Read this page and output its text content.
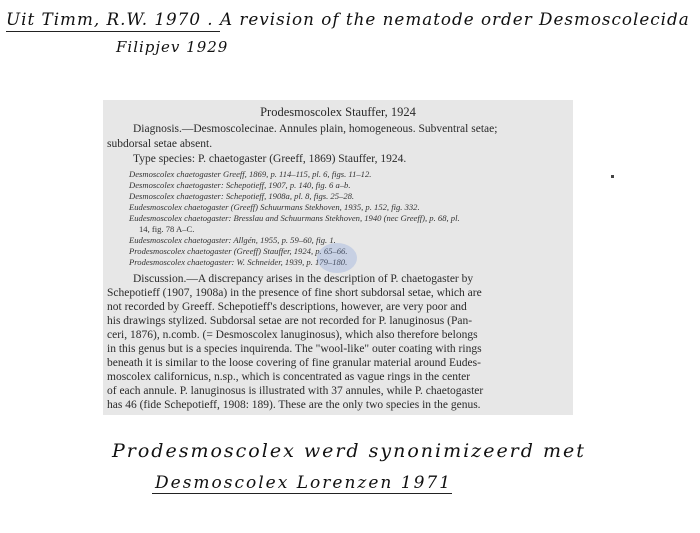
Uit Timm, R.W. 1970 . A revision of the nematode order Desmoscolecida
Filipjev 1929
Prodesmoscolex Stauffer, 1924
Diagnosis.—Desmoscolecinae. Annules plain, homogeneous. Subventral setae;
subdorsal setae absent.
Type species: P. chaetogaster (Greeff, 1869) Stauffer, 1924.
Desmoscolex chaetogaster Greeff, 1869, p. 114–115, pl. 6, figs. 11–12.
Desmoscolex chaetogaster: Schepotieff, 1907, p. 140, fig. 6 a–b.
Desmoscolex chaetogaster: Schepotieff, 1908a, pl. 8, figs. 25–28.
Eudesmoscolex chaetogaster (Greeff) Schuurmans Stekhoven, 1935, p. 152, fig. 332.
Eudesmoscolex chaetogaster: Bresslau and Schuurmans Stekhoven, 1940 (nec Greeff), p. 68, pl.
14, fig. 78 A–C.
Eudesmoscolex chaetogaster: Allgén, 1955, p. 59–60, fig. 1.
Prodesmoscolex chaetogaster (Greeff) Stauffer, 1924, p. 65–66.
Prodesmoscolex chaetogaster: W. Schneider, 1939, p. 179–180.
Discussion.—A discrepancy arises in the description of P. chaetogaster by
Schepotieff (1907, 1908a) in the presence of fine short subdorsal setae, which are
not recorded by Greeff. Schepotieff's descriptions, however, are very poor and
his drawings stylized. Subdorsal setae are not recorded for P. lanuginosus (Pan-
ceri, 1876), n.comb. (= Desmoscolex lanuginosus), which also therefore belongs
in this genus but is a species inquirenda. The "wool-like" outer coating with rings
beneath it is similar to the loose covering of fine granular material around Eudes-
moscolex californicus, n.sp., which is concentrated as vague rings in the center
of each annule. P. lanuginosus is illustrated with 37 annules, while P. chaetogaster
has 46 (fide Schepotieff, 1908: 189). These are the only two species in the genus.
Prodesmoscolex werd synonimizeerd met
Desmoscolex Lorenzen 1971
